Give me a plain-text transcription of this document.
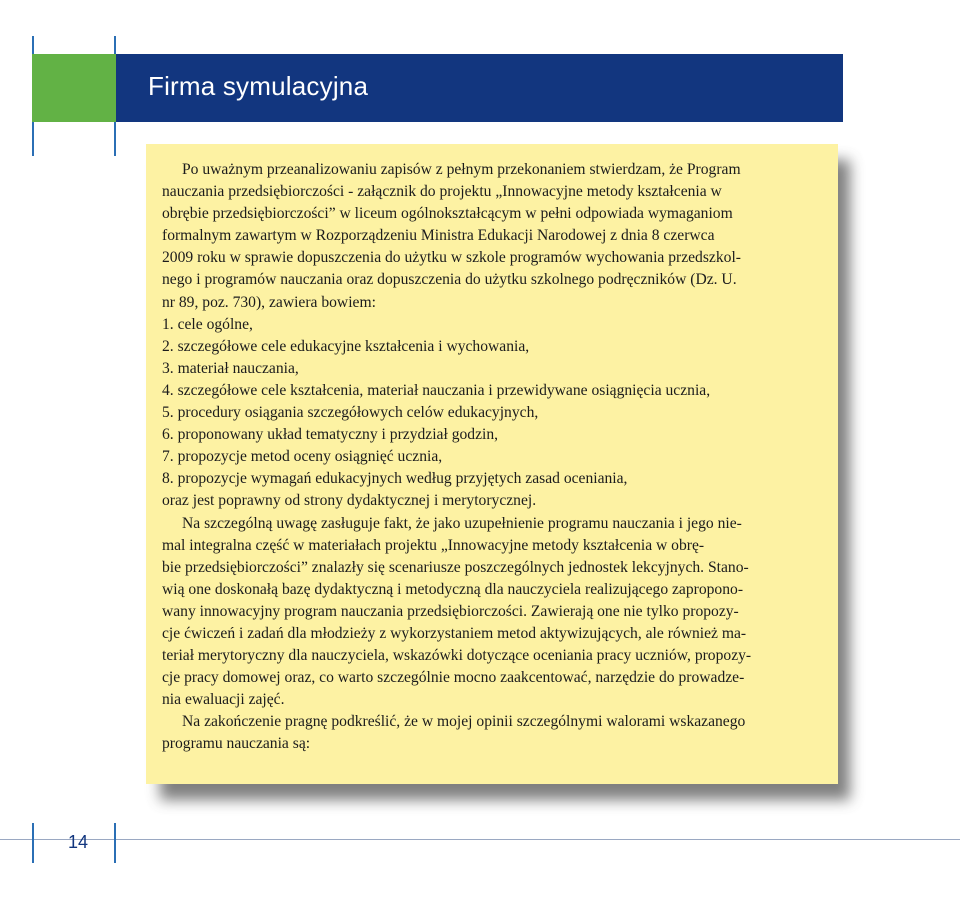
Firma symulacyjna

Po uważnym przeanalizowaniu zapisów z pełnym przekonaniem stwierdzam, że Program
nauczania przedsiębiorczości - załącznik do projektu „Innowacyjne metody kształcenia w
obrębie przedsiębiorczości” w liceum ogólnokształcącym w pełni odpowiada wymaganiom
formalnym zawartym w Rozporządzeniu Ministra Edukacji Narodowej z dnia 8 czerwca
2009 roku w sprawie dopuszczenia do użytku w szkole programów wychowania przedszkol-
nego i programów nauczania oraz dopuszczenia do użytku szkolnego podręczników (Dz. U.
nr 89, poz. 730), zawiera bowiem:

1. cele ogólne,
2. szczegółowe cele edukacyjne kształcenia i wychowania,
3. materiał nauczania,
4. szczegółowe cele kształcenia, materiał nauczania i przewidywane osiągnięcia ucznia,
5. procedury osiągania szczegółowych celów edukacyjnych,
6. proponowany układ tematyczny i przydział godzin,
7. propozycje metod oceny osiągnięć ucznia,
8. propozycje wymagań edukacyjnych według przyjętych zasad oceniania,
oraz jest poprawny od strony dydaktycznej i merytorycznej.

Na szczególną uwagę zasługuje fakt, że jako uzupełnienie programu nauczania i jego nie-
mal integralna część w materiałach projektu „Innowacyjne metody kształcenia w obrę-
bie przedsiębiorczości” znalazły się scenariusze poszczególnych jednostek lekcyjnych. Stano-
wią one doskonałą bazę dydaktyczną i metodyczną dla nauczyciela realizującego zapropono-
wany innowacyjny program nauczania przedsiębiorczości. Zawierają one nie tylko propozy-
cje ćwiczeń i zadań dla młodzieży z wykorzystaniem metod aktywizujących, ale również ma-
teriał merytoryczny dla nauczyciela, wskazówki dotyczące oceniania pracy uczniów, propozy-
cje pracy domowej oraz, co warto szczególnie mocno zaakcentować, narzędzie do prowadze-
nia ewaluacji zajęć.

Na zakończenie pragnę podkreślić, że w mojej opinii szczególnymi walorami wskazanego
programu nauczania są:

14
